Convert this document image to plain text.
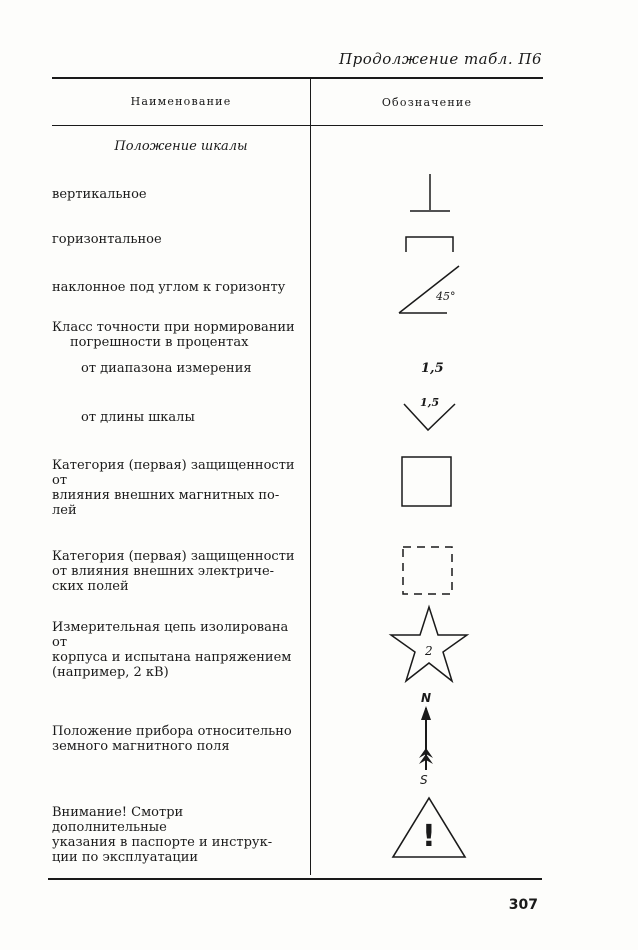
Продолжение табл. П6
Наименование	Обозначение
Положение шкалы
вертикальное
горизонтальное
наклонное под углом к горизонту
Класс точности при нормировании
погрешности в процентах
от диапазона измерения
от длины шкалы
Категория (первая) защищенности от
влияния внешних магнитных по-
лей
Категория (первая) защищенности
от влияния внешних электриче-
ских полей
Измерительная цепь изолирована от
корпуса и испытана напряжением
(например, 2 кВ)
Положение прибора относительно
земного магнитного поля
Внимание! Смотри дополнительные
указания в паспорте и инструк-
ции по эксплуатации
45°
1,5
1,5
2
N
S
!
307
